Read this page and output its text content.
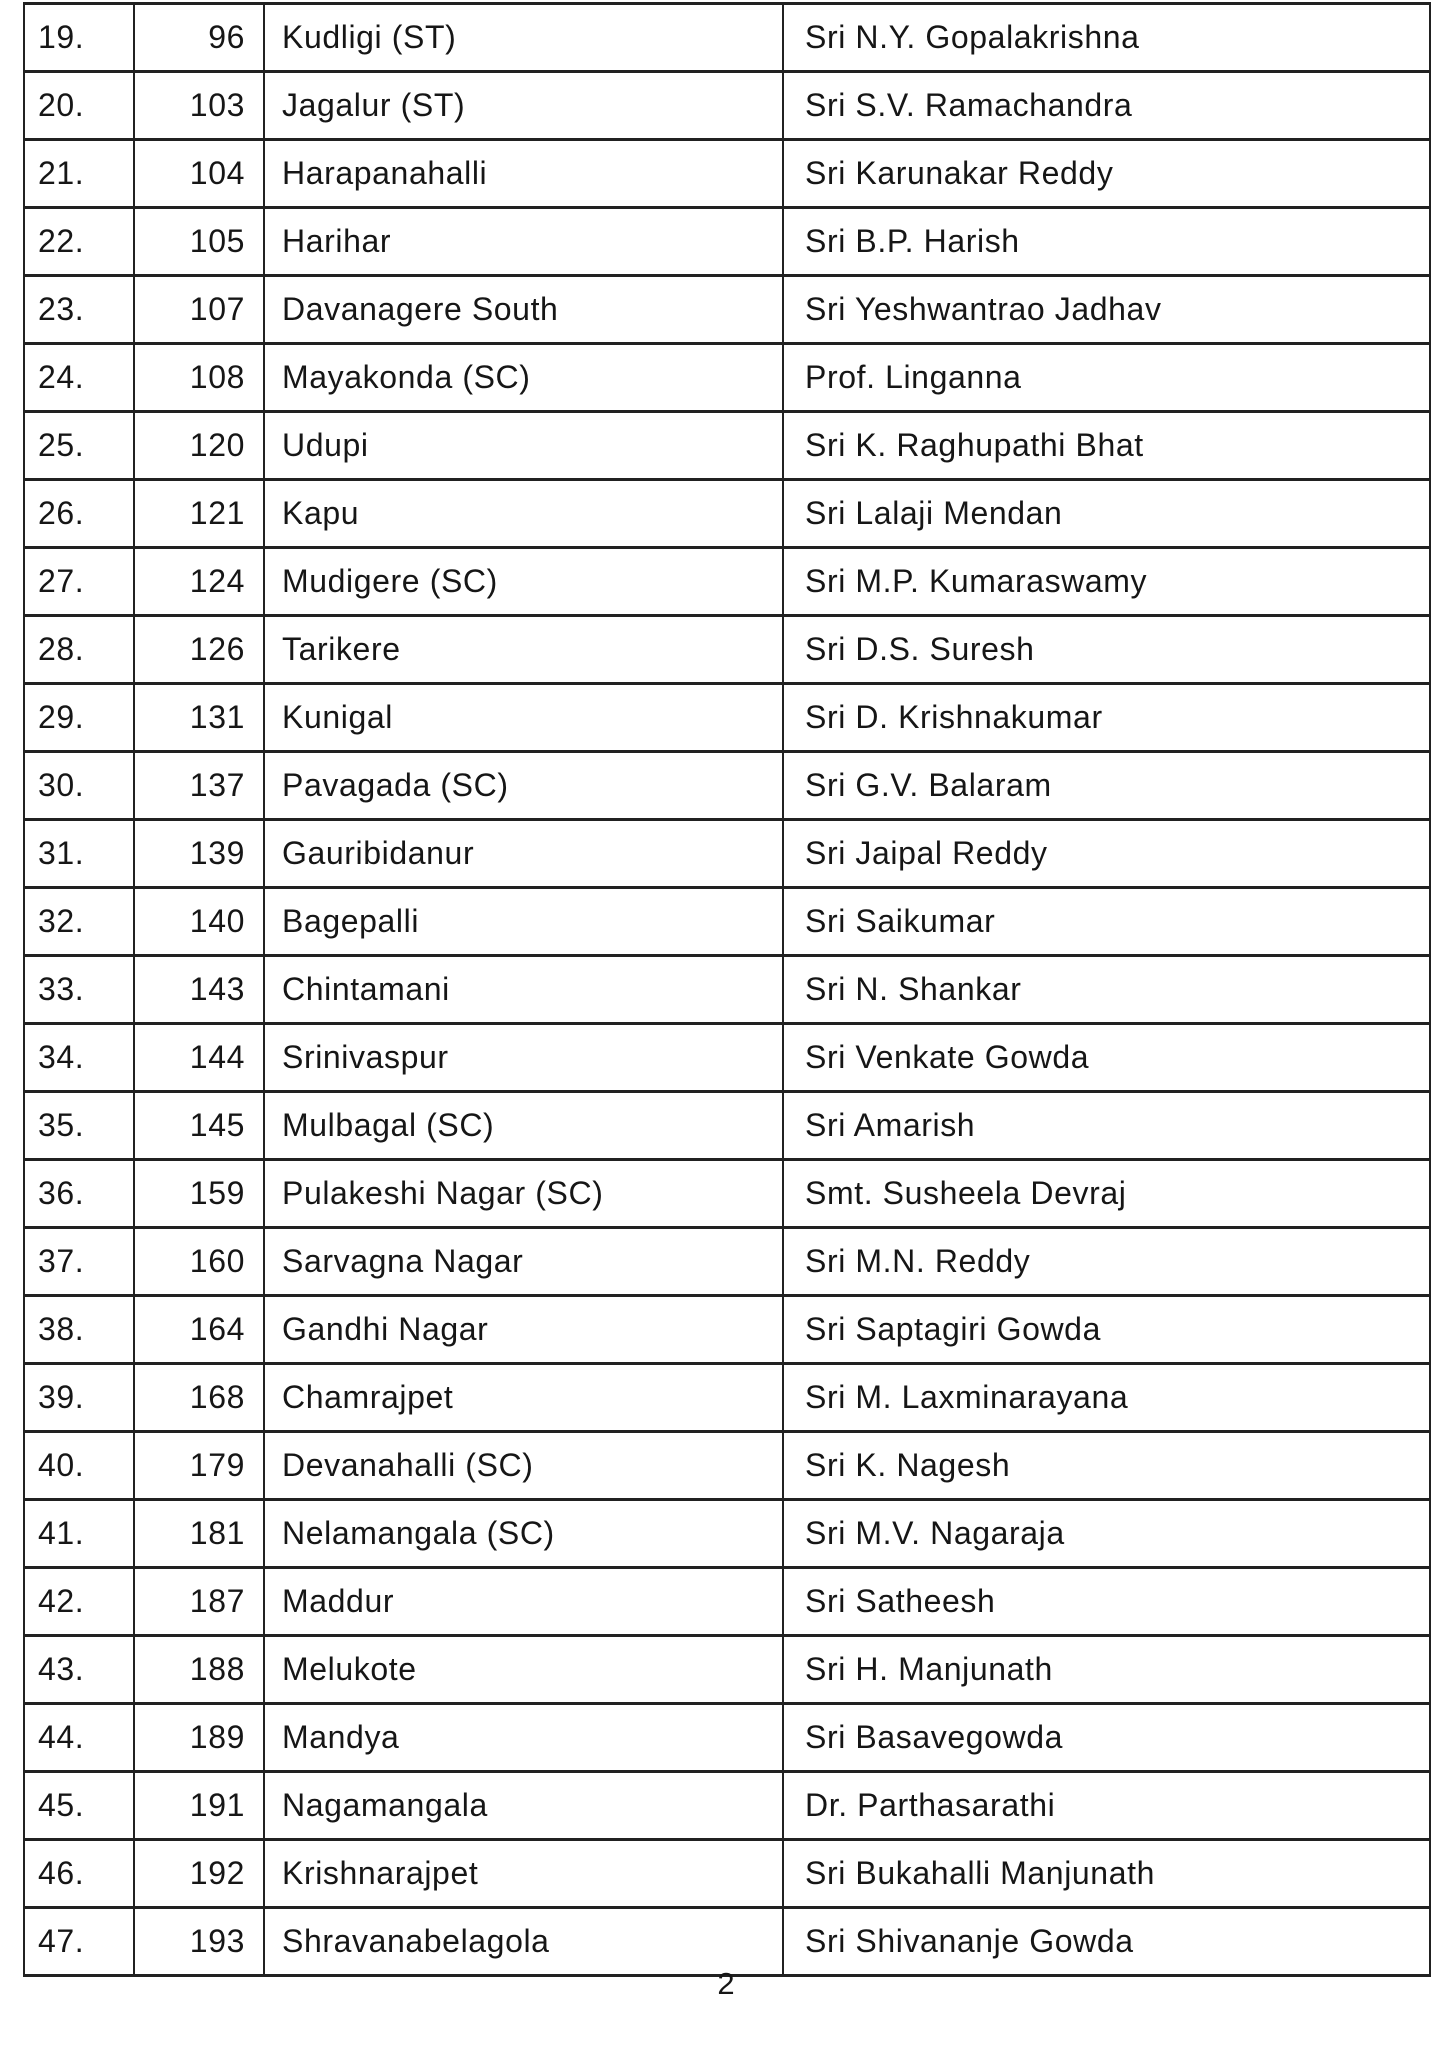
19.	96	Kudligi (ST)	Sri N.Y. Gopalakrishna
20.	103	Jagalur (ST)	Sri S.V. Ramachandra
21.	104	Harapanahalli	Sri Karunakar Reddy
22.	105	Harihar	Sri B.P. Harish
23.	107	Davanagere South	Sri Yeshwantrao Jadhav
24.	108	Mayakonda (SC)	Prof. Linganna
25.	120	Udupi	Sri K. Raghupathi Bhat
26.	121	Kapu	Sri Lalaji Mendan
27.	124	Mudigere (SC)	Sri M.P. Kumaraswamy
28.	126	Tarikere	Sri D.S. Suresh
29.	131	Kunigal	Sri D. Krishnakumar
30.	137	Pavagada (SC)	Sri G.V. Balaram
31.	139	Gauribidanur	Sri Jaipal Reddy
32.	140	Bagepalli	Sri Saikumar
33.	143	Chintamani	Sri N. Shankar
34.	144	Srinivaspur	Sri Venkate Gowda
35.	145	Mulbagal (SC)	Sri Amarish
36.	159	Pulakeshi Nagar (SC)	Smt. Susheela Devraj
37.	160	Sarvagna Nagar	Sri M.N. Reddy
38.	164	Gandhi Nagar	Sri Saptagiri Gowda
39.	168	Chamrajpet	Sri M. Laxminarayana
40.	179	Devanahalli (SC)	Sri K. Nagesh
41.	181	Nelamangala (SC)	Sri M.V. Nagaraja
42.	187	Maddur	Sri Satheesh
43.	188	Melukote	Sri H. Manjunath
44.	189	Mandya	Sri Basavegowda
45.	191	Nagamangala	Dr. Parthasarathi
46.	192	Krishnarajpet	Sri Bukahalli Manjunath
47.	193	Shravanabelagola	Sri Shivananje Gowda
2
